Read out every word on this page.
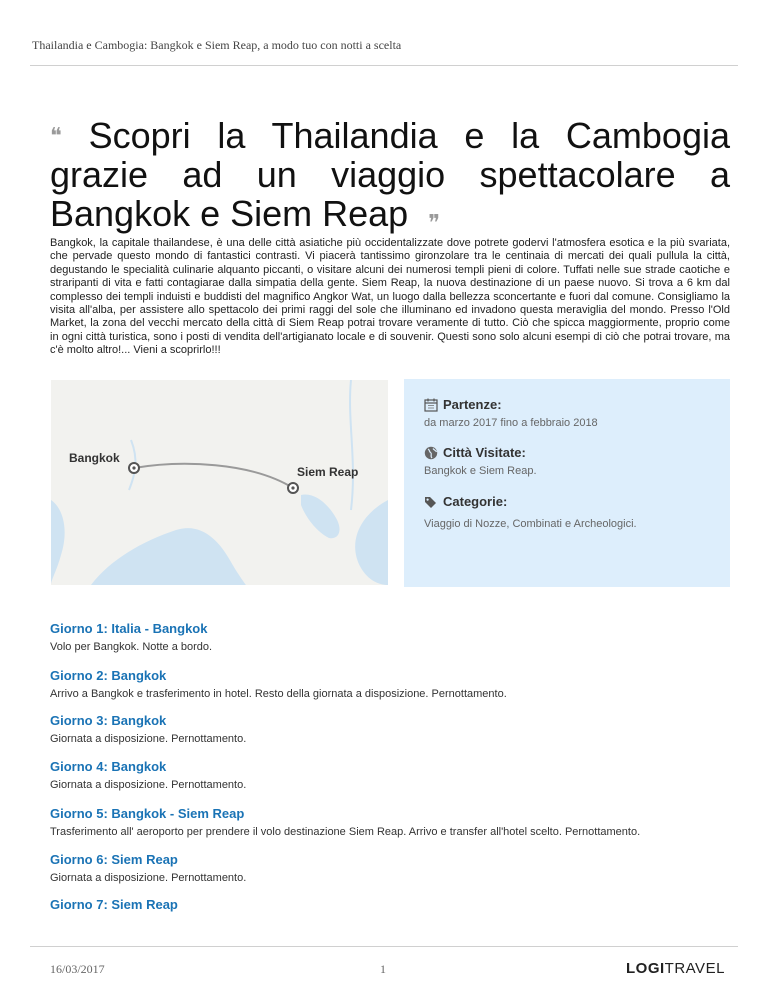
Thailandia e Cambogia: Bangkok e Siem Reap, a modo tuo con notti a scelta
❝ Scopri la Thailandia e la Cambogia grazie ad un viaggio spettacolare a Bangkok e Siem Reap ❞

Bangkok, la capitale thailandese, è una delle città asiatiche più occidentalizzate dove potrete godervi l'atmosfera esotica e la più svariata, che pervade questo mondo di fantastici contrasti. Vi piacerà tantissimo gironzolare tra le centinaia di mercati dei quali pullula la città, degustando le specialità culinarie alquanto piccanti, o visitare alcuni dei numerosi templi pieni di colore. Tuffati nelle sue strade caotiche e straripanti di vita e fatti contagiarae dalla simpatia della gente. Siem Reap, la nuova destinazione di un paese nuovo. Si trova a 6 km dal complesso dei templi induisti e buddisti del magnifico Angkor Wat, un luogo dalla bellezza sconcertante e fuori dal comune. Consigliamo la visita all'alba, per assistere allo spettacolo dei primi raggi del sole che illuminano ed invadono questa meraviglia del mondo. Presso l'Old Market, la zona del vecchi mercato della città di Siem Reap potrai trovare veramente di tutto. Ciò che spicca maggiormente, proprio come in ogni città turistica, sono i posti di vendita dell'artigianato locale e di souvenir. Questi sono solo alcuni esempi di ciò che potrai trovare, ma c'è molto altro!... Vieni a scoprirlo!!!

Bangkok
Siem Reap
Partenze:
da marzo 2017 fino a febbraio 2018
Città Visitate:
Bangkok e Siem Reap.
Categorie:
Viaggio di Nozze, Combinati e Archeologici.
Giorno 1: Italia - Bangkok
Volo per Bangkok. Notte a bordo.
Giorno 2: Bangkok
Arrivo a Bangkok e trasferimento in hotel. Resto della giornata a disposizione. Pernottamento.
Giorno 3: Bangkok
Giornata a disposizione. Pernottamento.
Giorno 4: Bangkok
Giornata a disposizione. Pernottamento.
Giorno 5: Bangkok - Siem Reap
Trasferimento all' aeroporto per prendere il volo destinazione Siem Reap. Arrivo e transfer all'hotel scelto. Pernottamento.
Giorno 6: Siem Reap
Giornata a disposizione. Pernottamento.
Giorno 7: Siem Reap
16/03/2017	1	LOGITRAVEL
